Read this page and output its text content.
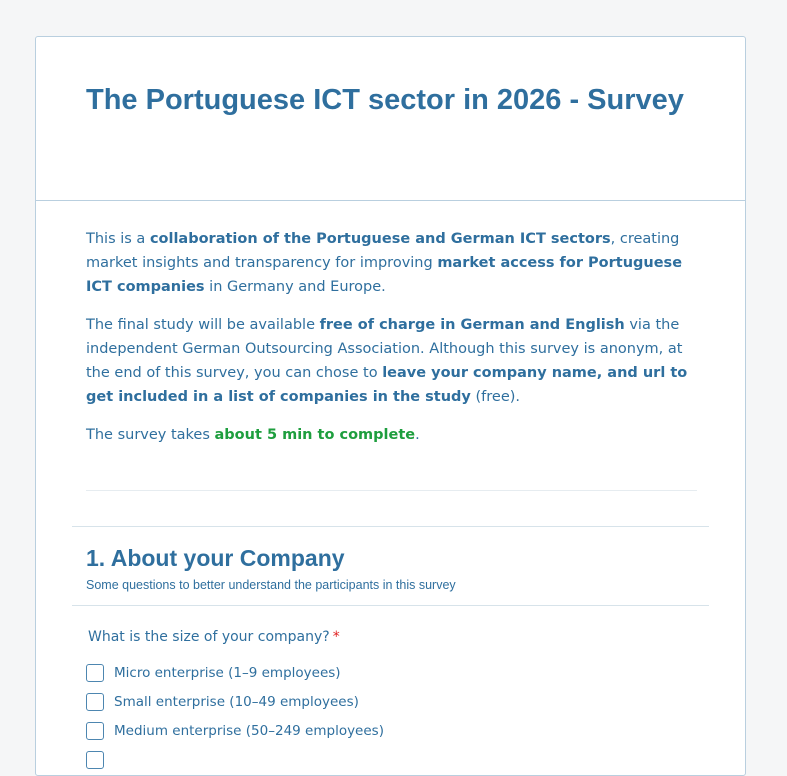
The Portuguese ICT sector in 2026 - Survey

This is a collaboration of the Portuguese and German ICT sectors, creating market insights and transparency for improving market access for Portuguese ICT companies in Germany and Europe.

The final study will be available free of charge in German and English via the independent German Outsourcing Association. Although this survey is anonym, at the end of this survey, you can chose to leave your company name, and url to get included in a list of companies in the study (free).

The survey takes about 5 min to complete.

1. About your Company

Some questions to better understand the participants in this survey

What is the size of your company? *
Micro enterprise (1–9 employees)
Small enterprise (10–49 employees)
Medium enterprise (50–249 employees)
